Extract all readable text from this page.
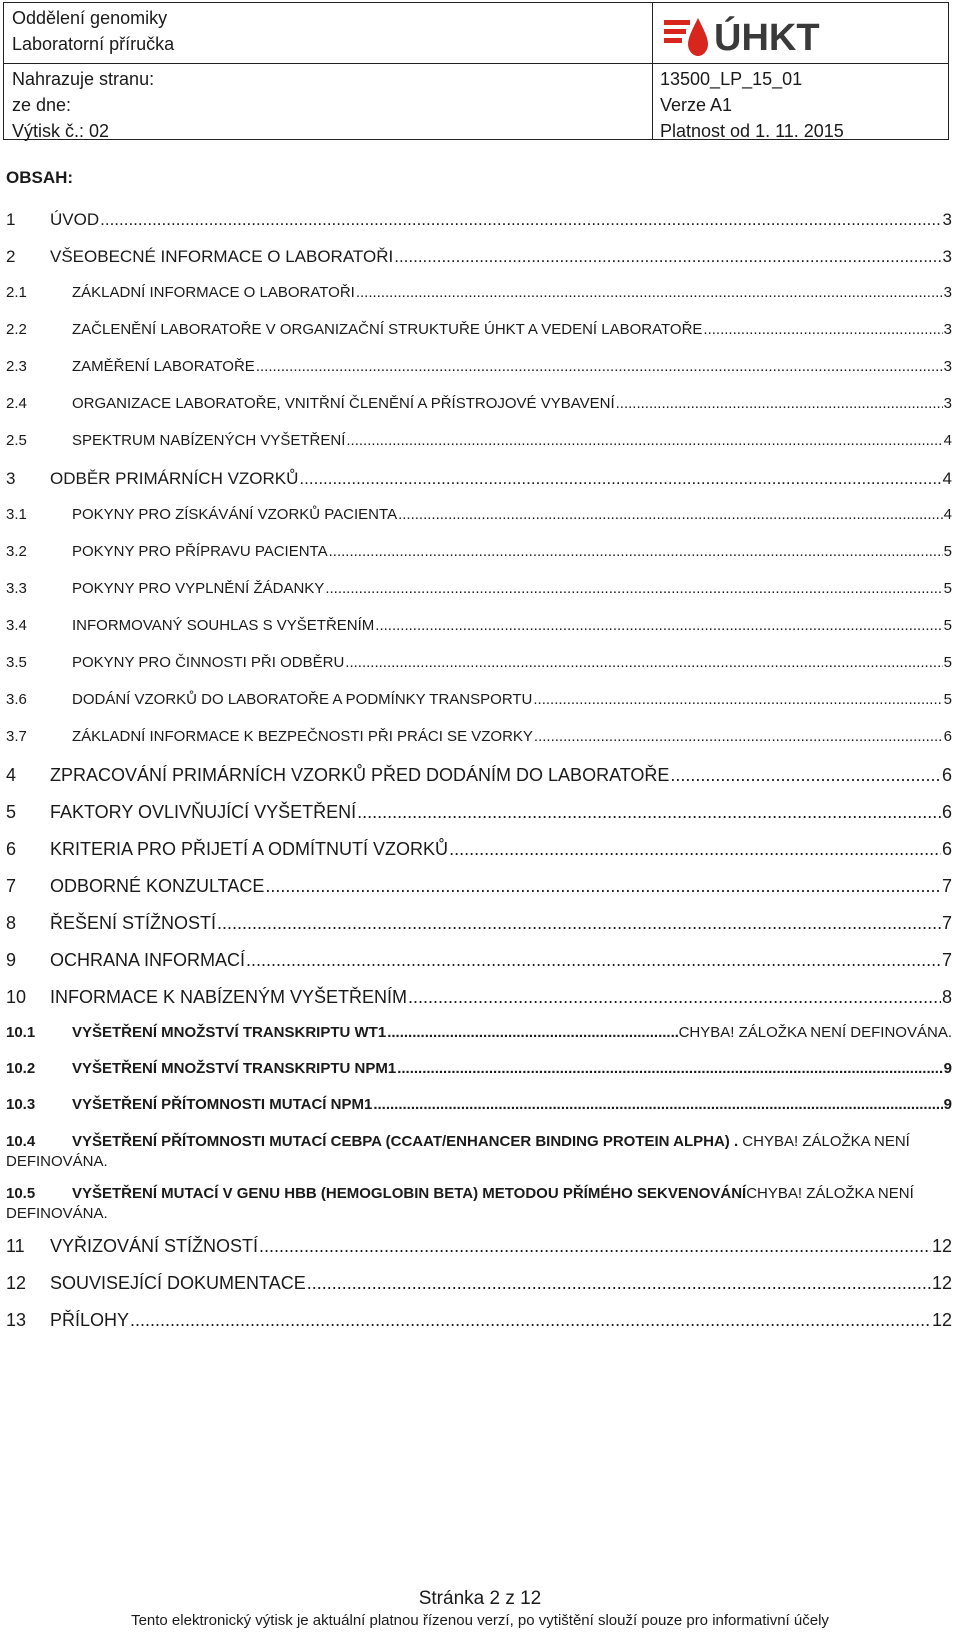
Oddělení genomiky
Laboratorní příručka	ÚHKT
Nahrazuje stranu:
ze dne:
Výtisk č.: 02
13500_LP_15_01
Verze A1
Platnost od 1. 11. 2015
OBSAH:
1	ÚVOD .....	3
2	VŠEOBECNÉ INFORMACE O LABORATOŘI .....	3
2.1	ZÁKLADNÍ INFORMACE O LABORATOŘI .....	3
2.2	ZAČLENĚNÍ LABORATOŘE V ORGANIZAČNÍ STRUKTUŘE ÚHKT A VEDENÍ LABORATOŘE .....	3
2.3	ZAMĚŘENÍ LABORATOŘE .....	3
2.4	ORGANIZACE LABORATOŘE, VNITŘNÍ ČLENĚNÍ A PŘÍSTROJOVÉ VYBAVENÍ .....	3
2.5	SPEKTRUM NABÍZENÝCH VYŠETŘENÍ .....	4
3	ODBĚR PRIMÁRNÍCH VZORKŮ .....	4
3.1	POKYNY PRO ZÍSKÁVÁNÍ VZORKŮ PACIENTA .....	4
3.2	POKYNY PRO PŘÍPRAVU PACIENTA .....	5
3.3	POKYNY PRO VYPLNĚNÍ ŽÁDANKY .....	5
3.4	INFORMOVANÝ SOUHLAS S VYŠETŘENÍM .....	5
3.5	POKYNY PRO ČINNOSTI PŘI ODBĚRU .....	5
3.6	DODÁNÍ VZORKŮ DO LABORATOŘE A PODMÍNKY TRANSPORTU .....	5
3.7	ZÁKLADNÍ INFORMACE K BEZPEČNOSTI PŘI PRÁCI SE VZORKY .....	6
4	ZPRACOVÁNÍ PRIMÁRNÍCH VZORKŮ PŘED DODÁNÍM DO LABORATOŘE .....	6
5	FAKTORY OVLIVŇUJÍCÍ VYŠETŘENÍ .....	6
6	KRITERIA PRO PŘIJETÍ A ODMÍTNUTÍ VZORKŮ .....	6
7	ODBORNÉ KONZULTACE .....	7
8	ŘEŠENÍ STÍŽNOSTÍ .....	7
9	OCHRANA INFORMACÍ .....	7
10	INFORMACE K NABÍZENÝM VYŠETŘENÍM .....	8
10.1	VYŠETŘENÍ MNOŽSTVÍ TRANSKRIPTU WT1 .....	CHYBA! ZÁLOŽKA NENÍ DEFINOVÁNA.
10.2	VYŠETŘENÍ MNOŽSTVÍ TRANSKRIPTU NPM1 .....	9
10.3	VYŠETŘENÍ PŘÍTOMNOSTI MUTACÍ NPM1 .....	9
10.4 VYŠETŘENÍ PŘÍTOMNOSTI MUTACÍ CEBPA (CCAAT/ENHANCER BINDING PROTEIN ALPHA) . CHYBA! ZÁLOŽKA NENÍ DEFINOVÁNA.
10.5 VYŠETŘENÍ MUTACÍ V GENU HBB (HEMOGLOBIN BETA) METODOU PŘÍMÉHO SEKVENOVÁNÍCHYBA! ZÁLOŽKA NENÍ DEFINOVÁNA.
11	VYŘIZOVÁNÍ STÍŽNOSTÍ .....	12
12	SOUVISEJÍCÍ DOKUMENTACE .....	12
13	PŘÍLOHY .....	12
Stránka 2 z 12
Tento elektronický výtisk je aktuální platnou řízenou verzí, po vytištění slouží pouze pro informativní účely
